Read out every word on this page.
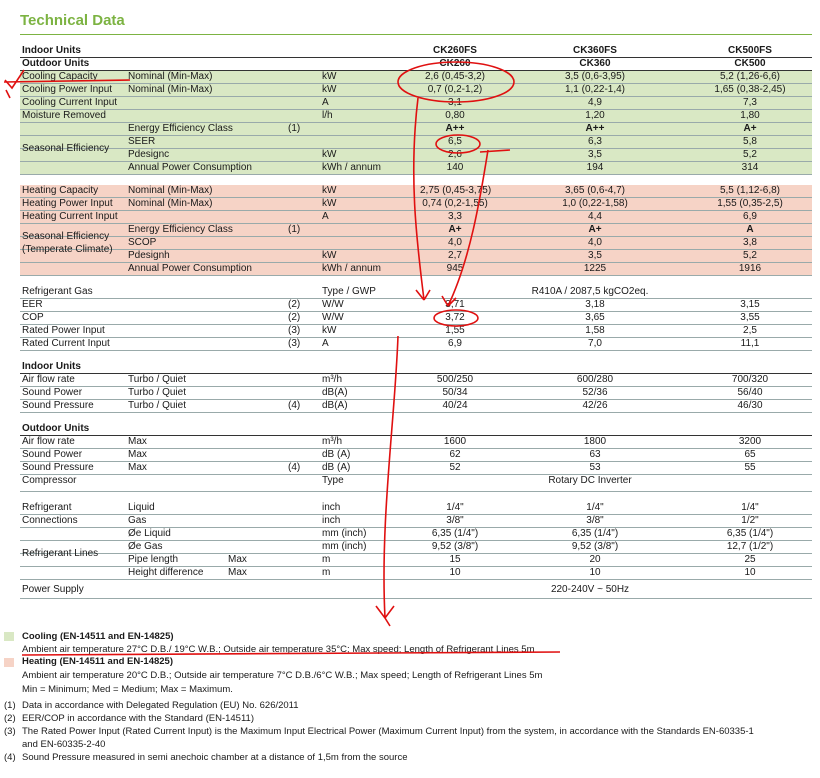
Technical Data
Indoor Units	CK260FS	CK360FS	CK500FS
Outdoor Units	CK260	CK360	CK500
Cooling Capacity	Nominal (Min-Max)	kW	2,6 (0,45-3,2)	3,5 (0,6-3,95)	5,2 (1,26-6,6)
Cooling Power Input Nominal (Min-Max)	kW	0,7 (0,2-1,2)	1,1 (0,22-1,4)	1,65 (0,38-2,45)
Cooling Current Input	A	3,1	4,9	7,3
Moisture Removed	l/h	0,80	1,20	1,80
Energy Efficiency Class	(1)	A++	A++	A+
SEER	6,5	6,3	5,8
Pdesignc	kW	2,6	3,5	5,2
Annual Power Consumption	kWh / annum	140	194	314
Seasonal Efficiency
Heating Capacity	Nominal (Min-Max)	kW	2,75 (0,45-3,75)	3,65 (0,6-4,7)	5,5 (1,12-6,8)
Heating Power Input Nominal (Min-Max)	kW	0,74 (0,2-1,55)	1,0 (0,22-1,58)	1,55 (0,35-2,5)
Heating Current Input	A	3,3	4,4	6,9
Energy Efficiency Class	(1)	A+	A+	A
SCOP	4,0	4,0	3,8
Pdesignh	kW	2,7	3,5	5,2
Annual Power Consumption	kWh / annum	945	1225	1916
Seasonal Efficiency
(Temperate Climate)
Refrigerant Gas	Type / GWP	R410A / 2087,5 kgCO2eq.
EER	(2) W/W	3,71	3,18	3,15
COP	(2) W/W	3,72	3,65	3,55
Rated Power Input	(3) kW	1,55	1,58	2,5
Rated Current Input	(3) A	6,9	7,0	11,1
Indoor Units
Air flow rate	Turbo / Quiet	m³/h	500/250	600/280	700/320
Sound Power	Turbo / Quiet	dB(A)	50/34	52/36	56/40
Sound Pressure	Turbo / Quiet	(4) dB(A)	40/24	42/26	46/30
Outdoor Units
Air flow rate	Max	m³/h	1600	1800	3200
Sound Power	Max	dB (A)	62	63	65
Sound Pressure	Max	(4) dB (A)	52	53	55
Compressor	Type	Rotary DC Inverter
Liquid	inch	1/4"	1/4"	1/4"
Gas	inch	3/8"	3/8"	1/2"
Refrigerant
Connections
Øe Liquid	mm (inch)	6,35 (1/4")	6,35 (1/4")	6,35 (1/4")
Øe Gas	mm (inch)	9,52 (3/8")	9,52 (3/8")	12,7 (1/2")
Pipe length	Max	m	15	20	25
Height difference Max	m	10	10	10
Refrigerant Lines
Power Supply	220-240V ~ 50Hz
Cooling (EN-14511 and EN-14825)
Ambient air temperature 27°C D.B./ 19°C W.B.; Outside air temperature 35°C; Max speed; Length of Refrigerant Lines 5m
Heating (EN-14511 and EN-14825)
Ambient air temperature 20°C D.B.; Outside air temperature 7°C D.B./6°C W.B.; Max speed; Length of Refrigerant Lines 5m
Min = Minimum; Med = Medium; Max = Maximum.
(1) Data in accordance with Delegated Regulation (EU) No. 626/2011
(2) EER/COP in accordance with the Standard (EN-14511)
(3) The Rated Power Input (Rated Current Input) is the Maximum Input Electrical Power (Maximum Current Input) from the system, in accordance with the Standards EN-60335-1
and EN-60335-2-40
(4) Sound Pressure measured in semi anechoic chamber at a distance of 1,5m from the source
